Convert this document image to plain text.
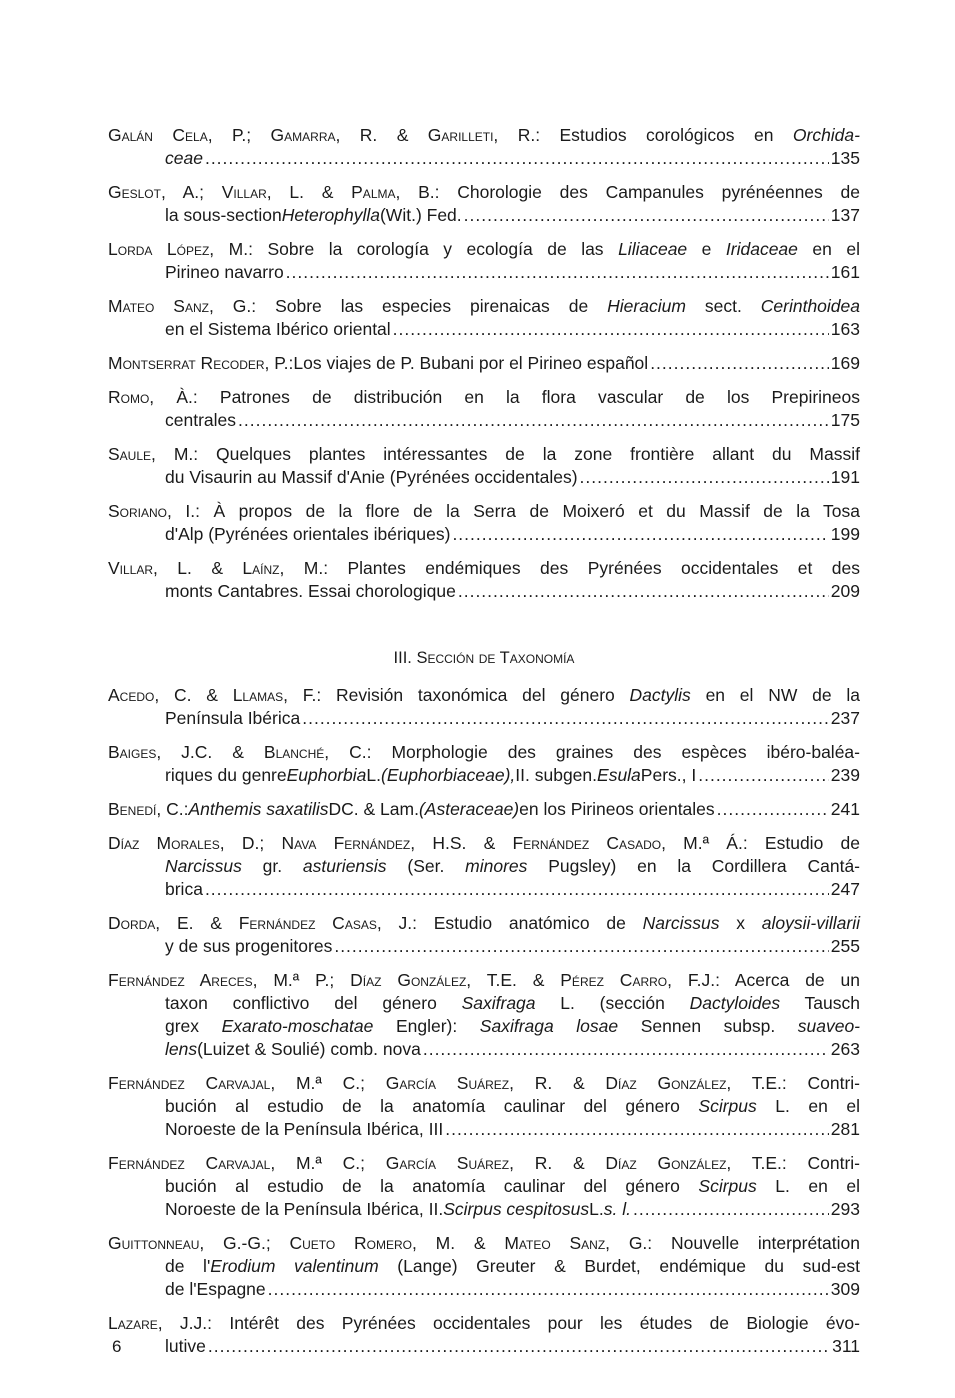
Galán Cela, P.; Gamarra, R. & Garilleti, R.: Estudios corológicos en Orchida-
ceae .....	135
Geslot, A.; Villar, L. & Palma, B.: Chorologie des Campanules pyrénéennes de
la sous-section Heterophylla (Wit.) Fed. .....	137
Lorda López, M.: Sobre la corología y ecología de las Liliaceae e Iridaceae en el
Pirineo navarro .....	161
Mateo Sanz, G.: Sobre las especies pirenaicas de Hieracium sect. Cerinthoidea
en el Sistema Ibérico oriental .....	163
Montserrat Recoder, P.: Los viajes de P. Bubani por el Pirineo español .....	169
Romo, À.: Patrones de distribución en la flora vascular de los Prepirineos
centrales .....	175
Saule, M.: Quelques plantes intéressantes de la zone frontière allant du Massif
du Visaurin au Massif d'Anie (Pyrénées occidentales) .....	191
Soriano, I.: À propos de la flore de la Serra de Moixeró et du Massif de la Tosa
d'Alp (Pyrénées orientales ibériques) .....	199
Villar, L. & Laínz, M.: Plantes endémiques des Pyrénées occidentales et des
monts Cantabres. Essai chorologique .....	209
III. Sección de Taxonomía
Acedo, C. & Llamas, F.: Revisión taxonómica del género Dactylis en el NW de la
Península Ibérica .....	237
Baiges, J.C. & Blanché, C.: Morphologie des graines des espèces ibéro-baléa-
riques du genre Euphorbia L. (Euphorbiaceae), II. subgen. Esula Pers., I .....	239
Benedí, C.: Anthemis saxatilis DC. & Lam. (Asteraceae) en los Pirineos orientales .....	241
Díaz Morales, D.; Nava Fernández, H.S. & Fernández Casado, M.ª Á.: Estudio de
Narcissus gr. asturiensis (Ser. minores Pugsley) en la Cordillera Cantá-
brica .....	247
Dorda, E. & Fernández Casas, J.: Estudio anatómico de Narcissus x aloysii-villarii
y de sus progenitores .....	255
Fernández Areces, M.ª P.; Díaz González, T.E. & Pérez Carro, F.J.: Acerca de un
taxon conflictivo del género Saxifraga L. (sección Dactyloides Tausch
grex Exarato-moschatae Engler): Saxifraga losae Sennen subsp. suaveo-
lens (Luizet & Soulié) comb. nova .....	263
Fernández Carvajal, M.ª C.; García Suárez, R. & Díaz González, T.E.: Contri-
bución al estudio de la anatomía caulinar del género Scirpus L. en el
Noroeste de la Península Ibérica, III .....	281
Fernández Carvajal, M.ª C.; García Suárez, R. & Díaz González, T.E.: Contri-
bución al estudio de la anatomía caulinar del género Scirpus L. en el
Noroeste de la Península Ibérica, II. Scirpus cespitosus L. s. l. .....	293
Guittonneau, G.-G.; Cueto Romero, M. & Mateo Sanz, G.: Nouvelle interprétation
de l'Erodium valentinum (Lange) Greuter & Burdet, endémique du sud-est
de l'Espagne .....	309
Lazare, J.J.: Intérêt des Pyrénées occidentales pour les études de Biologie évo-
lutive .....	311
6
